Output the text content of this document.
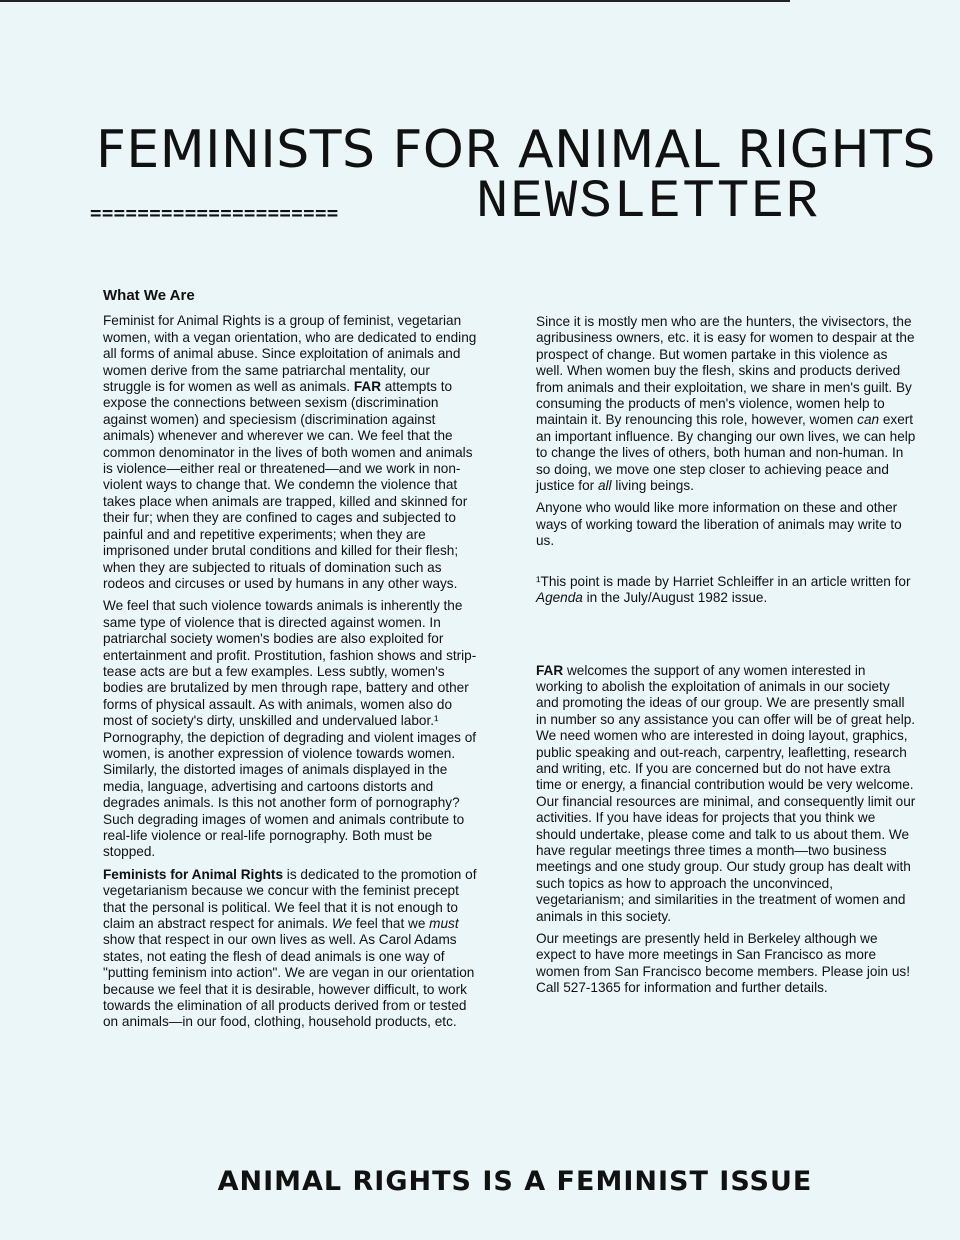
FEMINISTS FOR ANIMAL RIGHTS
=====================	NEWSLETTER
What We Are

Feminist for Animal Rights is a group of feminist, vegetarian women, with a vegan orientation, who are dedicated to ending all forms of animal abuse. Since exploitation of animals and women derive from the same patriarchal mentality, our struggle is for women as well as animals. FAR attempts to expose the connections between sexism (discrimination against women) and speciesism (discrimination against animals) whenever and wherever we can. We feel that the common denominator in the lives of both women and animals is violence—either real or threatened—and we work in non-violent ways to change that. We condemn the violence that takes place when animals are trapped, killed and skinned for their fur; when they are confined to cages and subjected to painful and and repetitive experiments; when they are imprisoned under brutal conditions and killed for their flesh; when they are subjected to rituals of domination such as rodeos and circuses or used by humans in any other ways.

We feel that such violence towards animals is inherently the same type of violence that is directed against women. In patriarchal society women's bodies are also exploited for entertainment and profit. Prostitution, fashion shows and strip-tease acts are but a few examples. Less subtly, women's bodies are brutalized by men through rape, battery and other forms of physical assault. As with animals, women also do most of society's dirty, unskilled and undervalued labor.¹ Pornography, the depiction of degrading and violent images of women, is another expression of violence towards women. Similarly, the distorted images of animals displayed in the media, language, advertising and cartoons distorts and degrades animals. Is this not another form of pornography? Such degrading images of women and animals contribute to real-life violence or real-life pornography. Both must be stopped.

Feminists for Animal Rights is dedicated to the promotion of vegetarianism because we concur with the feminist precept that the personal is political. We feel that it is not enough to claim an abstract respect for animals. We feel that we must show that respect in our own lives as well. As Carol Adams states, not eating the flesh of dead animals is one way of "putting feminism into action". We are vegan in our orientation because we feel that it is desirable, however difficult, to work towards the elimination of all products derived from or tested on animals—in our food, clothing, household products, etc.

Since it is mostly men who are the hunters, the vivisectors, the agribusiness owners, etc. it is easy for women to despair at the prospect of change. But women partake in this violence as well. When women buy the flesh, skins and products derived from animals and their exploitation, we share in men's guilt. By consuming the products of men's violence, women help to maintain it. By renouncing this role, however, women can exert an important influence. By changing our own lives, we can help to change the lives of others, both human and non-human. In so doing, we move one step closer to achieving peace and justice for all living beings.

Anyone who would like more information on these and other ways of working toward the liberation of animals may write to us.

¹This point is made by Harriet Schleiffer in an article written for Agenda in the July/August 1982 issue.

FAR welcomes the support of any women interested in working to abolish the exploitation of animals in our society and promoting the ideas of our group. We are presently small in number so any assistance you can offer will be of great help. We need women who are interested in doing layout, graphics, public speaking and out-reach, carpentry, leafletting, research and writing, etc. If you are concerned but do not have extra time or energy, a financial contribution would be very welcome. Our financial resources are minimal, and consequently limit our activities. If you have ideas for projects that you think we should undertake, please come and talk to us about them. We have regular meetings three times a month—two business meetings and one study group. Our study group has dealt with such topics as how to approach the unconvinced, vegetarianism; and similarities in the treatment of women and animals in this society.

Our meetings are presently held in Berkeley although we expect to have more meetings in San Francisco as more women from San Francisco become members. Please join us! Call 527-1365 for information and further details.

ANIMAL RIGHTS IS A FEMINIST ISSUE
